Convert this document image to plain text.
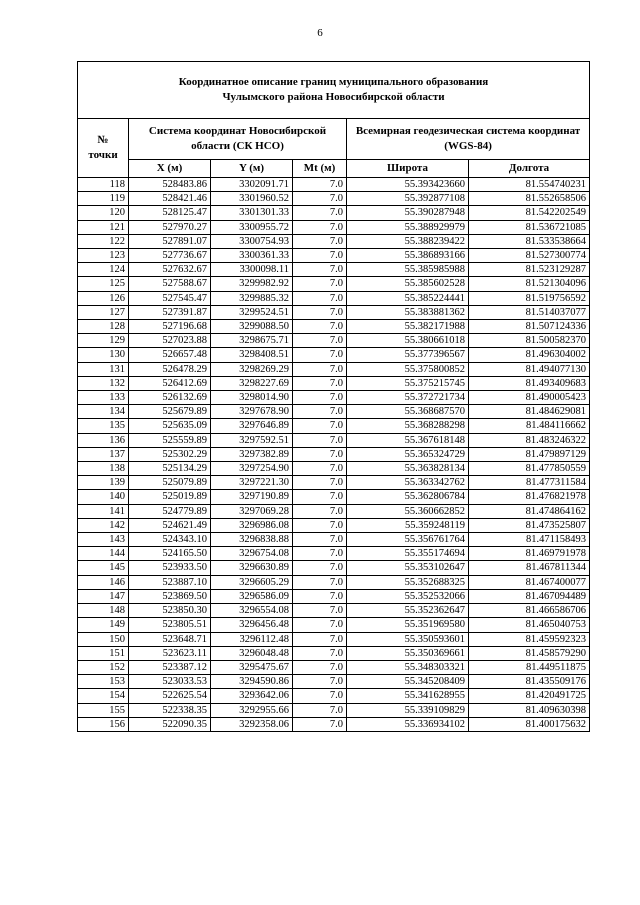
6
Координатное описание границ муниципального образования
Чулымского района Новосибирской области					
№
точки	Система координат Новосибирской области (СК НСО)			Всемирная геодезическая система координат (WGS-84)	
	X (м)	Y (м)	Mt (м)	Широта	Долгота
118	528483.86	3302091.71	7.0	55.393423660	81.554740231
119	528421.46	3301960.52	7.0	55.392877108	81.552658506
120	528125.47	3301301.33	7.0	55.390287948	81.542202549
121	527970.27	3300955.72	7.0	55.388929979	81.536721085
122	527891.07	3300754.93	7.0	55.388239422	81.533538664
123	527736.67	3300361.33	7.0	55.386893166	81.527300774
124	527632.67	3300098.11	7.0	55.385985988	81.523129287
125	527588.67	3299982.92	7.0	55.385602528	81.521304096
126	527545.47	3299885.32	7.0	55.385224441	81.519756592
127	527391.87	3299524.51	7.0	55.383881362	81.514037077
128	527196.68	3299088.50	7.0	55.382171988	81.507124336
129	527023.88	3298675.71	7.0	55.380661018	81.500582370
130	526657.48	3298408.51	7.0	55.377396567	81.496304002
131	526478.29	3298269.29	7.0	55.375800852	81.494077130
132	526412.69	3298227.69	7.0	55.375215745	81.493409683
133	526132.69	3298014.90	7.0	55.372721734	81.490005423
134	525679.89	3297678.90	7.0	55.368687570	81.484629081
135	525635.09	3297646.89	7.0	55.368288298	81.484116662
136	525559.89	3297592.51	7.0	55.367618148	81.483246322
137	525302.29	3297382.89	7.0	55.365324729	81.479897129
138	525134.29	3297254.90	7.0	55.363828134	81.477850559
139	525079.89	3297221.30	7.0	55.363342762	81.477311584
140	525019.89	3297190.89	7.0	55.362806784	81.476821978
141	524779.89	3297069.28	7.0	55.360662852	81.474864162
142	524621.49	3296986.08	7.0	55.359248119	81.473525807
143	524343.10	3296838.88	7.0	55.356761764	81.471158493
144	524165.50	3296754.08	7.0	55.355174694	81.469791978
145	523933.50	3296630.89	7.0	55.353102647	81.467811344
146	523887.10	3296605.29	7.0	55.352688325	81.467400077
147	523869.50	3296586.09	7.0	55.352532066	81.467094489
148	523850.30	3296554.08	7.0	55.352362647	81.466586706
149	523805.51	3296456.48	7.0	55.351969580	81.465040753
150	523648.71	3296112.48	7.0	55.350593601	81.459592323
151	523623.11	3296048.48	7.0	55.350369661	81.458579290
152	523387.12	3295475.67	7.0	55.348303321	81.449511875
153	523033.53	3294590.86	7.0	55.345208409	81.435509176
154	522625.54	3293642.06	7.0	55.341628955	81.420491725
155	522338.35	3292955.66	7.0	55.339109829	81.409630398
156	522090.35	3292358.06	7.0	55.336934102	81.400175632
